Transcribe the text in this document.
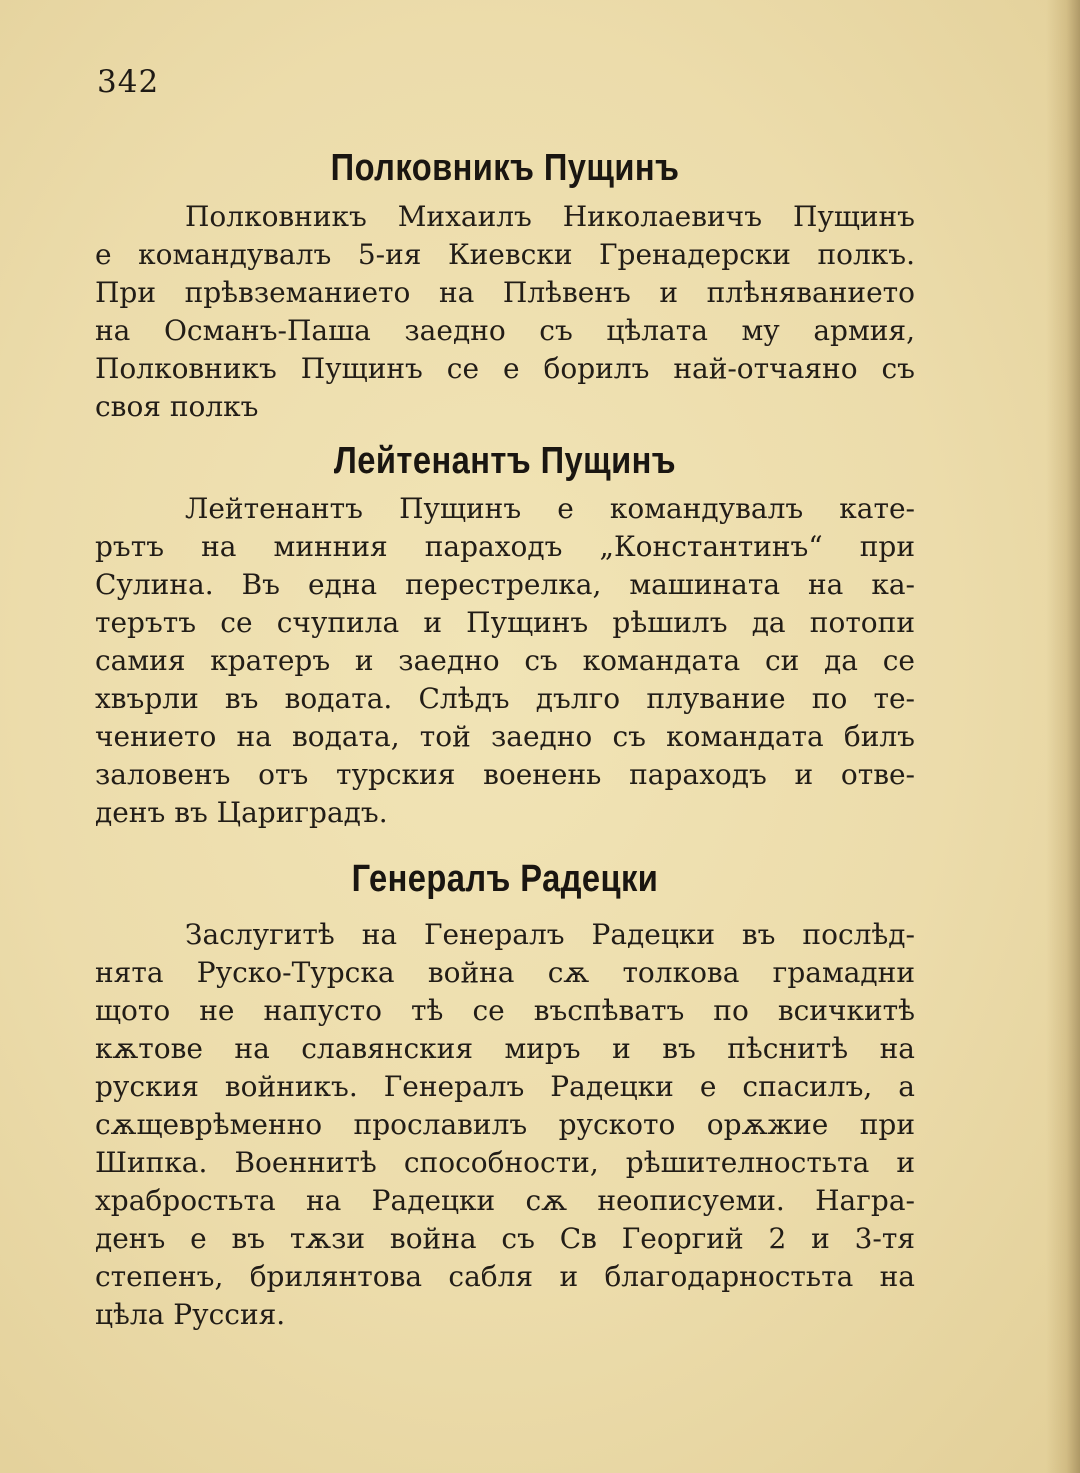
342
Полковникъ Пущинъ
Полковникъ Михаилъ Николаевичъ Пущинъ
е командувалъ 5-ия Киевски Гренадерски полкъ.
При прѣвземанието на Плѣвенъ и плѣняванието
на Османъ-Паша заедно съ цѣлата му армия,
Полковникъ Пущинъ се е борилъ най-отчаяно съ
своя полкъ
Лейтенантъ Пущинъ
Лейтенантъ Пущинъ е командувалъ кате-
рътъ на минния параходъ „Константинъ“ при
Сулина. Въ една перестрелка, машината на ка-
терътъ се счупила и Пущинъ рѣшилъ да потопи
самия кратеръ и заедно съ командата си да се
хвърли въ водата. Слѣдъ дълго плувание по те-
чението на водата, той заедно съ командата билъ
заловенъ отъ турския военень параходъ и отве-
денъ въ Цариградъ.
Генералъ Радецки
Заслугитѣ на Генералъ Радецки въ послѣд-
нята Руско-Турска война сѫ толкова грамадни
щото не напусто тѣ се въспѣватъ по всичкитѣ
кѫтове на славянския миръ и въ пѣснитѣ на
руския войникъ. Генералъ Радецки е спасилъ, а
сѫщеврѣменно прославилъ руското орѫжие при
Шипка. Военнитѣ способности, рѣшителностьта и
храбростьта на Радецки сѫ неописуеми. Награ-
денъ е въ тѫзи война съ Св Георгий 2 и 3-тя
степенъ, брилянтова сабля и благодарностьта на
цѣла Руссия.
